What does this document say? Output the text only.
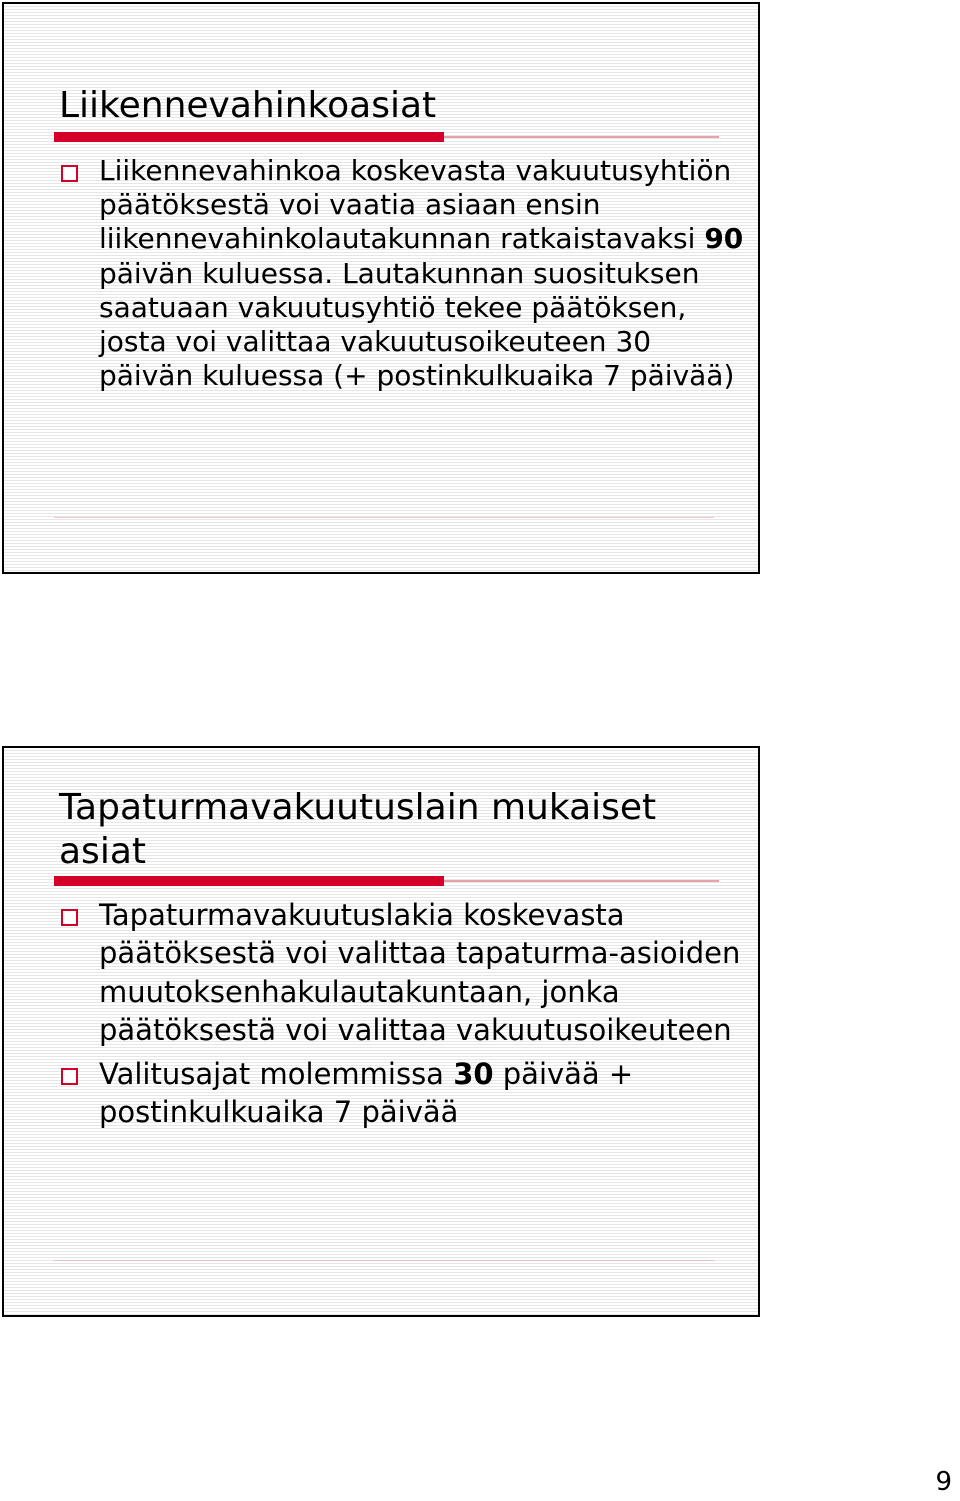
Liikennevahinkoasiat
Liikennevahinkoa koskevasta vakuutusyhtiön päätöksestä voi vaatia asiaan ensin liikennevahinkolautakunnan ratkaistavaksi 90 päivän kuluessa. Lautakunnan suosituksen saatuaan vakuutusyhtiö tekee päätöksen, josta voi valittaa vakuutusoikeuteen 30 päivän kuluessa (+ postinkulkuaika 7 päivää)
Tapaturmavakuutuslain mukaiset asiat
Tapaturmavakuutuslakia koskevasta päätöksestä voi valittaa tapaturma-asioiden muutoksenhakulautakuntaan, jonka päätöksestä voi valittaa vakuutusoikeuteen
Valitusajat molemmissa 30 päivää + postinkulkuaika 7 päivää
9
